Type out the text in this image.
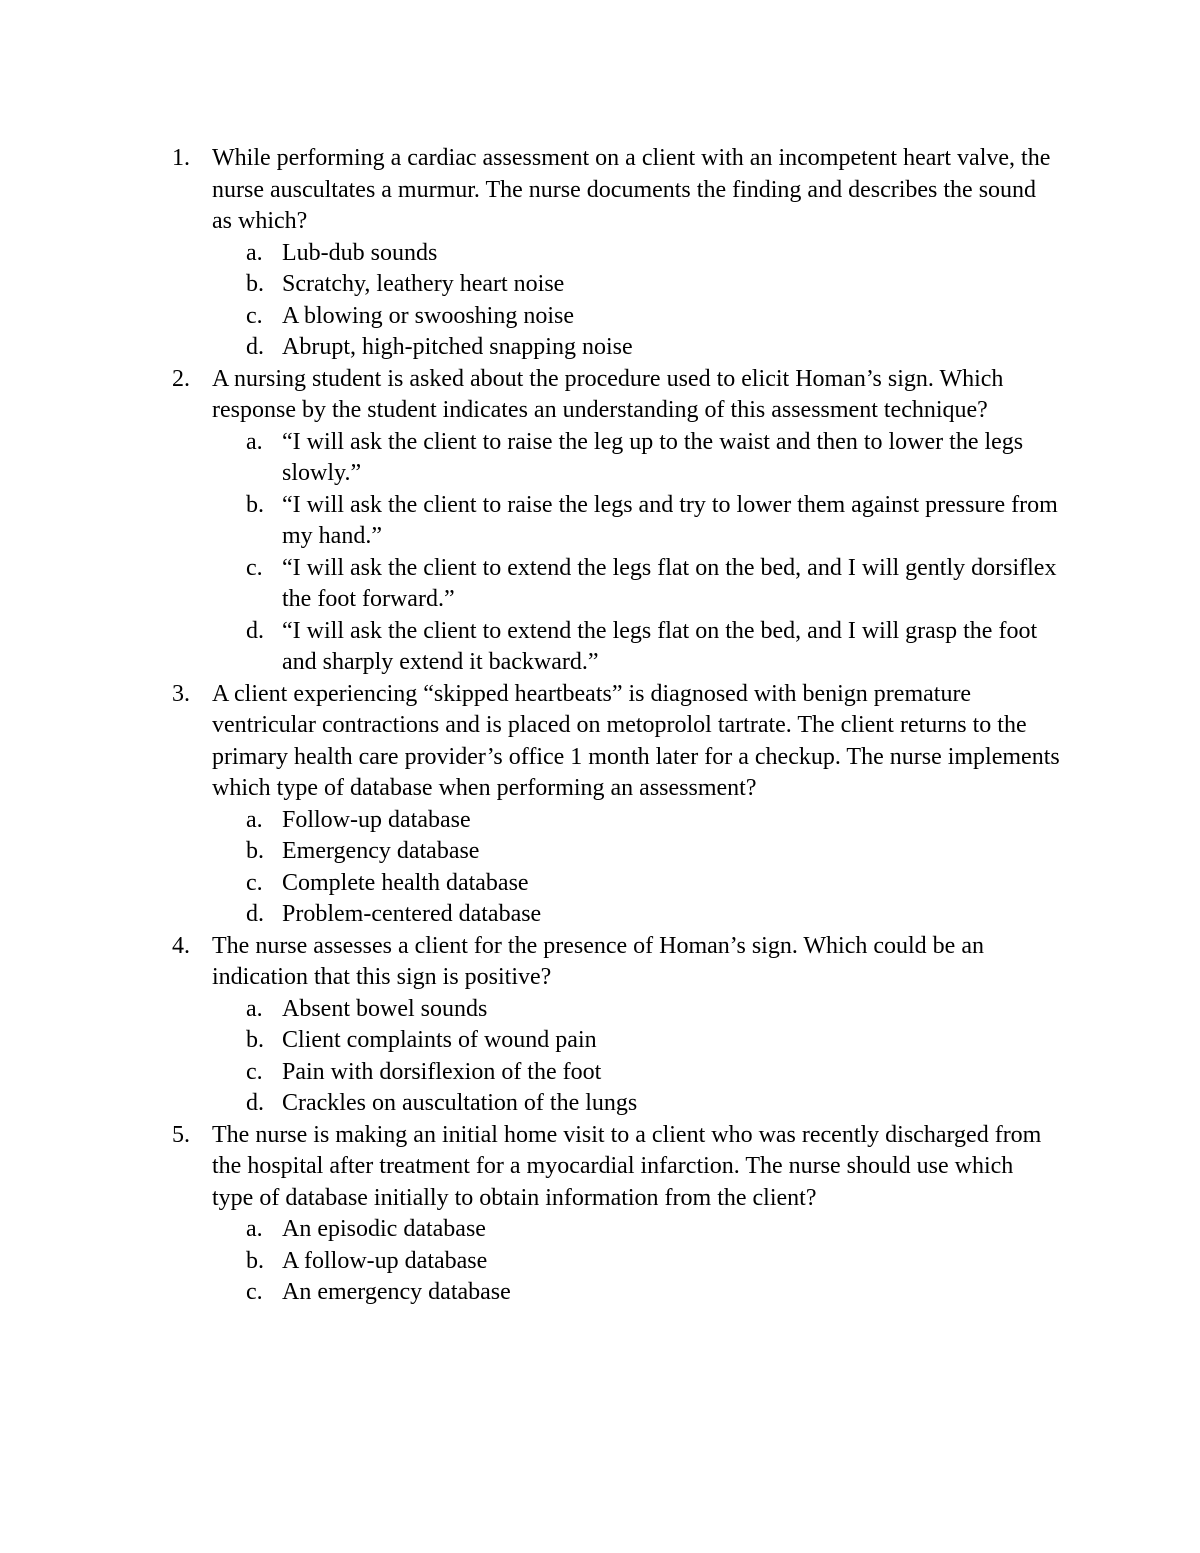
1. While performing a cardiac assessment on a client with an incompetent heart valve, the nurse auscultates a murmur. The nurse documents the finding and describes the sound as which?
a. Lub-dub sounds
b. Scratchy, leathery heart noise
c. A blowing or swooshing noise
d. Abrupt, high-pitched snapping noise
2. A nursing student is asked about the procedure used to elicit Homan’s sign. Which response by the student indicates an understanding of this assessment technique?
a. “I will ask the client to raise the leg up to the waist and then to lower the legs slowly.”
b. “I will ask the client to raise the legs and try to lower them against pressure from my hand.”
c. “I will ask the client to extend the legs flat on the bed, and I will gently dorsiflex the foot forward.”
d. “I will ask the client to extend the legs flat on the bed, and I will grasp the foot and sharply extend it backward.”
3. A client experiencing “skipped heartbeats” is diagnosed with benign premature ventricular contractions and is placed on metoprolol tartrate. The client returns to the primary health care provider’s office 1 month later for a checkup. The nurse implements which type of database when performing an assessment?
a. Follow-up database
b. Emergency database
c. Complete health database
d. Problem-centered database
4. The nurse assesses a client for the presence of Homan’s sign. Which could be an indication that this sign is positive?
a. Absent bowel sounds
b. Client complaints of wound pain
c. Pain with dorsiflexion of the foot
d. Crackles on auscultation of the lungs
5. The nurse is making an initial home visit to a client who was recently discharged from the hospital after treatment for a myocardial infarction. The nurse should use which type of database initially to obtain information from the client?
a. An episodic database
b. A follow-up database
c. An emergency database
